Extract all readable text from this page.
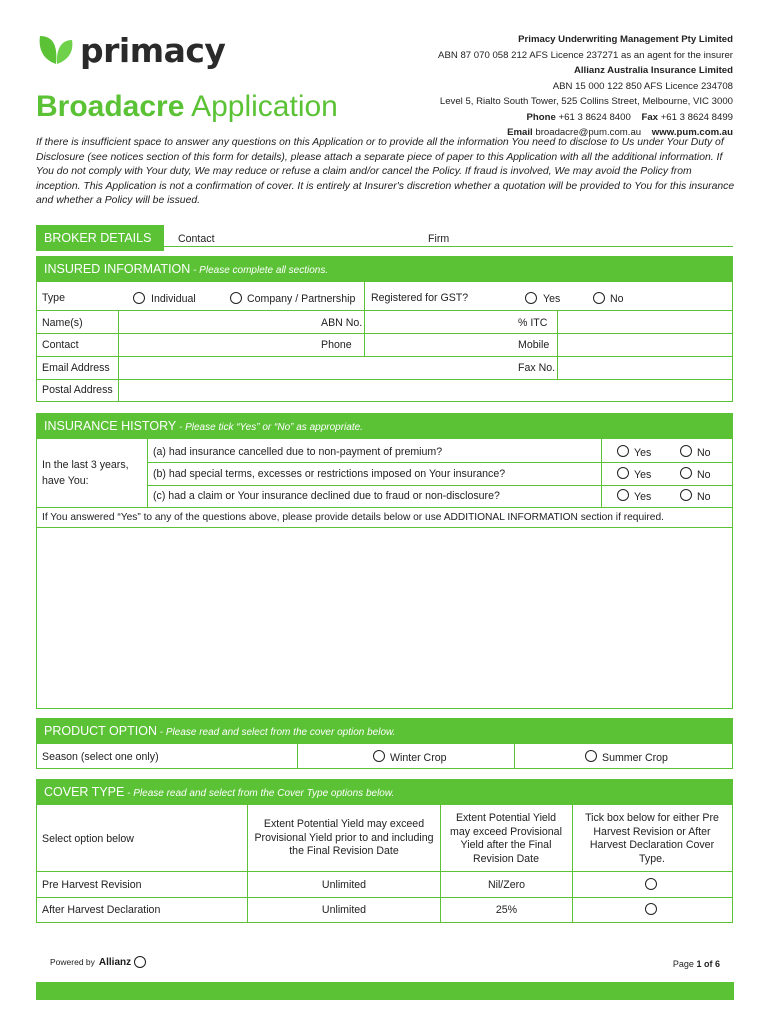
primacy
Broadacre Application
Primacy Underwriting Management Pty Limited
ABN 87 070 058 212 AFS Licence 237271 as an agent for the insurer
Allianz Australia Insurance Limited
ABN 15 000 122 850 AFS Licence 234708
Level 5, Rialto South Tower, 525 Collins Street, Melbourne, VIC 3000
Phone +61 3 8624 8400 Fax +61 3 8624 8499
Email broadacre@pum.com.au www.pum.com.au
If there is insufficient space to answer any questions on this Application or to provide all the information You need to disclose to Us under Your Duty of Disclosure (see notices section of this form for details), please attach a separate piece of paper to this Application with all the additional information. If You do not comply with Your duty, We may reduce or refuse a claim and/or cancel the Policy. If fraud is involved, We may avoid the Policy from inception. This Application is not a confirmation of cover. It is entirely at Insurer's discretion whether a quotation will be provided to You for this insurance and whether a Policy will be issued.
BROKER DETAILS	Contact	Firm
INSURED INFORMATION - Please complete all sections.
Type	Individual	Company / Partnership Registered for GST?	Yes	No
Name(s)	ABN No.	% ITC
Contact	Phone	Mobile
Email Address	Fax No.
Postal Address
INSURANCE HISTORY - Please tick “Yes” or “No” as appropriate.
In the last 3 years,
have You:
(a) had insurance cancelled due to non-payment of premium?	Yes	No
(b) had special terms, excesses or restrictions imposed on Your insurance?	Yes	No
(c) had a claim or Your insurance declined due to fraud or non-disclosure?	Yes	No
If You answered “Yes” to any of the questions above, please provide details below or use ADDITIONAL INFORMATION section if required.
PRODUCT OPTION - Please read and select from the cover option below.
Season (select one only)	Winter Crop	Summer Crop
COVER TYPE - Please read and select from the Cover Type options below.
Select option below
Extent Potential Yield may exceed Provisional Yield prior to and including the Final Revision Date
Extent Potential Yield may exceed Provisional Yield after the Final Revision Date
Tick box below for either Pre Harvest Revision or After Harvest Declaration Cover Type.
Pre Harvest Revision	Unlimited	Nil/Zero
After Harvest Declaration	Unlimited	25%
Powered by Allianz	Page 1 of 6
